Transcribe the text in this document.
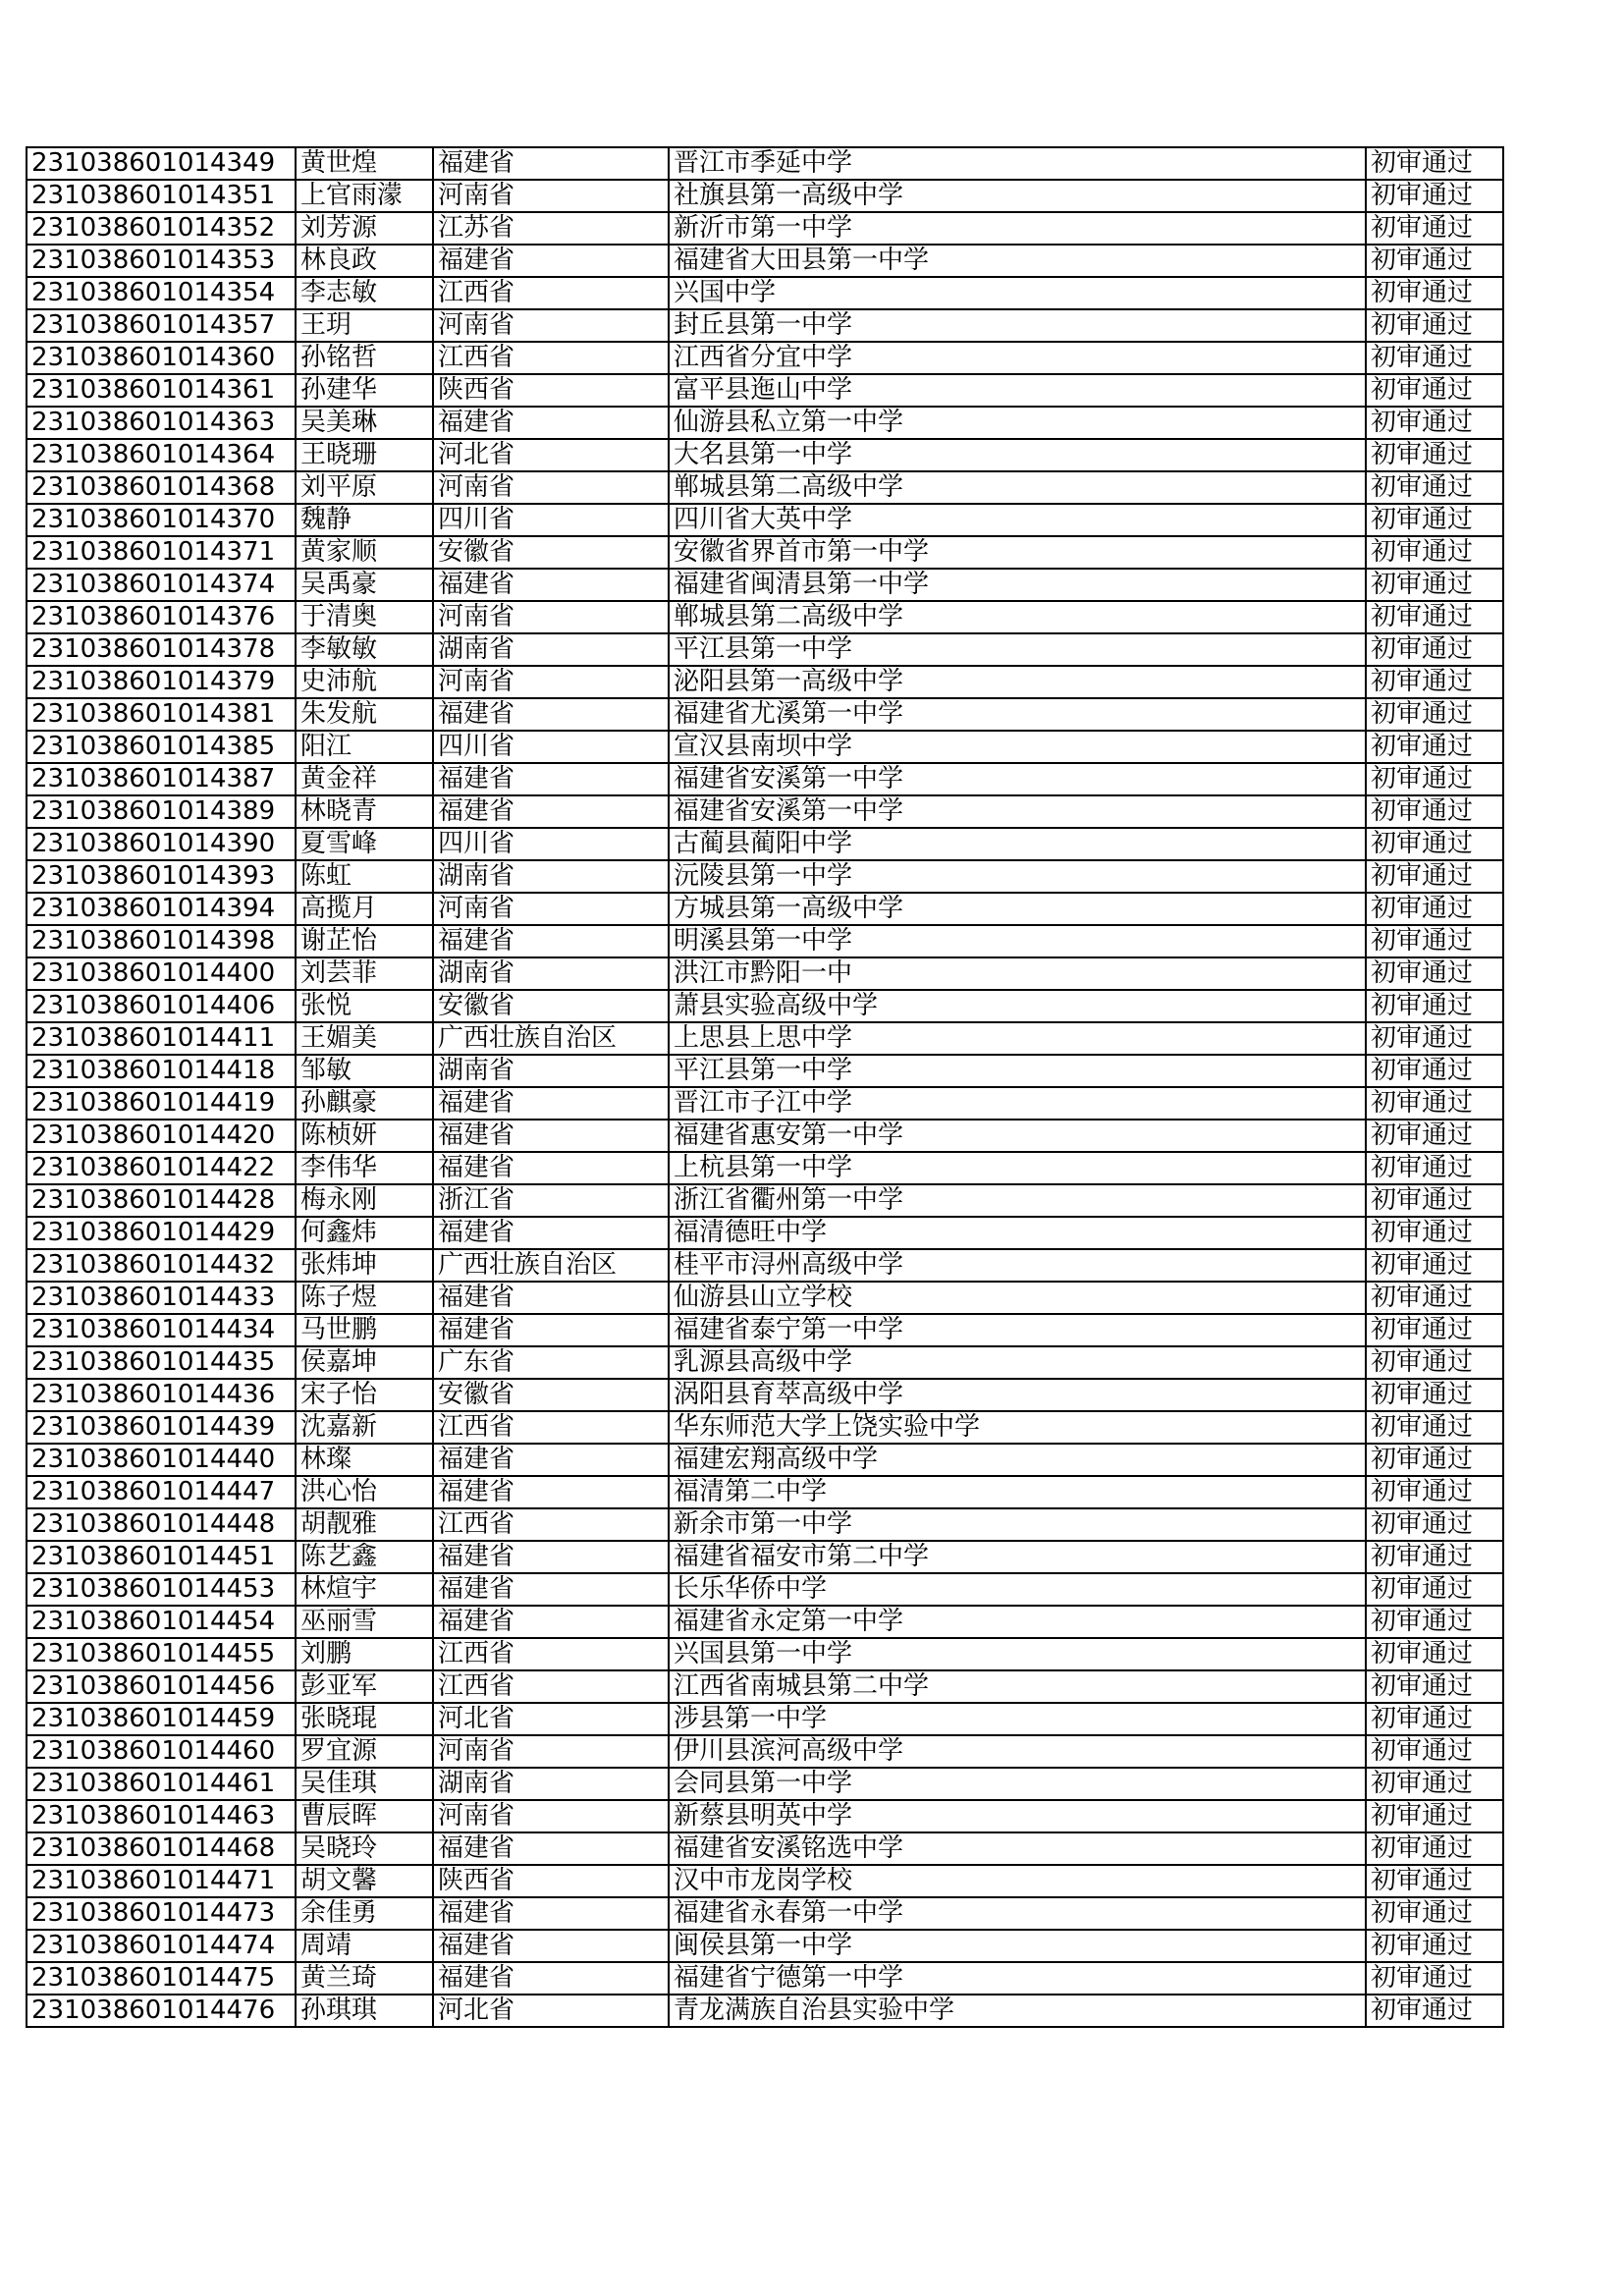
231038601014349	黄世煌	福建省	晋江市季延中学	初审通过
231038601014351	上官雨濛	河南省	社旗县第一高级中学	初审通过
231038601014352	刘芳源	江苏省	新沂市第一中学	初审通过
231038601014353	林良政	福建省	福建省大田县第一中学	初审通过
231038601014354	李志敏	江西省	兴国中学	初审通过
231038601014357	王玥	河南省	封丘县第一中学	初审通过
231038601014360	孙铭哲	江西省	江西省分宜中学	初审通过
231038601014361	孙建华	陕西省	富平县迤山中学	初审通过
231038601014363	吴美琳	福建省	仙游县私立第一中学	初审通过
231038601014364	王晓珊	河北省	大名县第一中学	初审通过
231038601014368	刘平原	河南省	郸城县第二高级中学	初审通过
231038601014370	魏静	四川省	四川省大英中学	初审通过
231038601014371	黄家顺	安徽省	安徽省界首市第一中学	初审通过
231038601014374	吴禹豪	福建省	福建省闽清县第一中学	初审通过
231038601014376	于清奥	河南省	郸城县第二高级中学	初审通过
231038601014378	李敏敏	湖南省	平江县第一中学	初审通过
231038601014379	史沛航	河南省	泌阳县第一高级中学	初审通过
231038601014381	朱发航	福建省	福建省尤溪第一中学	初审通过
231038601014385	阳江	四川省	宣汉县南坝中学	初审通过
231038601014387	黄金祥	福建省	福建省安溪第一中学	初审通过
231038601014389	林晓青	福建省	福建省安溪第一中学	初审通过
231038601014390	夏雪峰	四川省	古蔺县蔺阳中学	初审通过
231038601014393	陈虹	湖南省	沅陵县第一中学	初审通过
231038601014394	高揽月	河南省	方城县第一高级中学	初审通过
231038601014398	谢芷怡	福建省	明溪县第一中学	初审通过
231038601014400	刘芸菲	湖南省	洪江市黔阳一中	初审通过
231038601014406	张悦	安徽省	萧县实验高级中学	初审通过
231038601014411	王媚美	广西壮族自治区	上思县上思中学	初审通过
231038601014418	邹敏	湖南省	平江县第一中学	初审通过
231038601014419	孙麒豪	福建省	晋江市子江中学	初审通过
231038601014420	陈桢妍	福建省	福建省惠安第一中学	初审通过
231038601014422	李伟华	福建省	上杭县第一中学	初审通过
231038601014428	梅永刚	浙江省	浙江省衢州第一中学	初审通过
231038601014429	何鑫炜	福建省	福清德旺中学	初审通过
231038601014432	张炜坤	广西壮族自治区	桂平市浔州高级中学	初审通过
231038601014433	陈子煜	福建省	仙游县山立学校	初审通过
231038601014434	马世鹏	福建省	福建省泰宁第一中学	初审通过
231038601014435	侯嘉坤	广东省	乳源县高级中学	初审通过
231038601014436	宋子怡	安徽省	涡阳县育萃高级中学	初审通过
231038601014439	沈嘉新	江西省	华东师范大学上饶实验中学	初审通过
231038601014440	林璨	福建省	福建宏翔高级中学	初审通过
231038601014447	洪心怡	福建省	福清第二中学	初审通过
231038601014448	胡靓雅	江西省	新余市第一中学	初审通过
231038601014451	陈艺鑫	福建省	福建省福安市第二中学	初审通过
231038601014453	林煊宇	福建省	长乐华侨中学	初审通过
231038601014454	巫丽雪	福建省	福建省永定第一中学	初审通过
231038601014455	刘鹏	江西省	兴国县第一中学	初审通过
231038601014456	彭亚军	江西省	江西省南城县第二中学	初审通过
231038601014459	张晓琨	河北省	涉县第一中学	初审通过
231038601014460	罗宜源	河南省	伊川县滨河高级中学	初审通过
231038601014461	吴佳琪	湖南省	会同县第一中学	初审通过
231038601014463	曹辰晖	河南省	新蔡县明英中学	初审通过
231038601014468	吴晓玲	福建省	福建省安溪铭选中学	初审通过
231038601014471	胡文馨	陕西省	汉中市龙岗学校	初审通过
231038601014473	余佳勇	福建省	福建省永春第一中学	初审通过
231038601014474	周靖	福建省	闽侯县第一中学	初审通过
231038601014475	黄兰琦	福建省	福建省宁德第一中学	初审通过
231038601014476	孙琪琪	河北省	青龙满族自治县实验中学	初审通过
